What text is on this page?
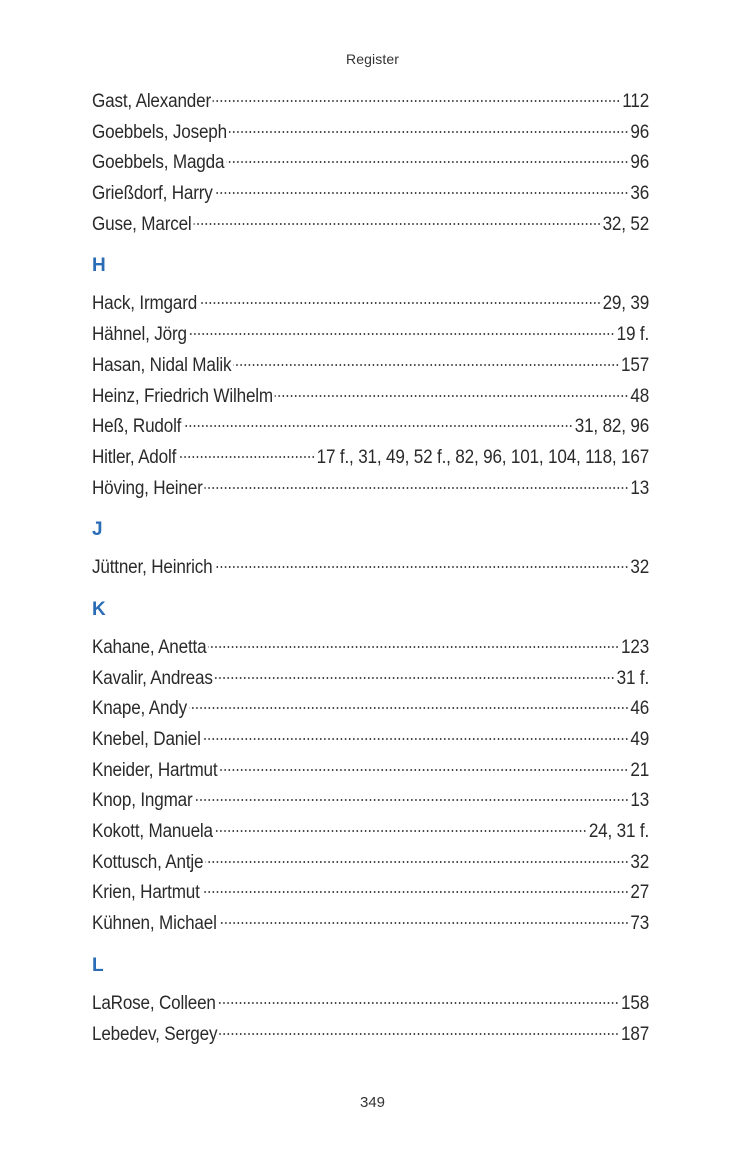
Register
Gast, Alexander	112
Goebbels, Joseph	96
Goebbels, Magda	96
Grießdorf, Harry	36
Guse, Marcel	32, 52
H
Hack, Irmgard	29, 39
Hähnel, Jörg	19 f.
Hasan, Nidal Malik	157
Heinz, Friedrich Wilhelm	48
Heß, Rudolf	31, 82, 96
Hitler, Adolf	17 f., 31, 49, 52 f., 82, 96, 101, 104, 118, 167
Höving, Heiner	13
J
Jüttner, Heinrich	32
K
Kahane, Anetta	123
Kavalir, Andreas	31 f.
Knape, Andy	46
Knebel, Daniel	49
Kneider, Hartmut	21
Knop, Ingmar	13
Kokott, Manuela	24, 31 f.
Kottusch, Antje	32
Krien, Hartmut	27
Kühnen, Michael	73
L
LaRose, Colleen	158
Lebedev, Sergey	187
349
